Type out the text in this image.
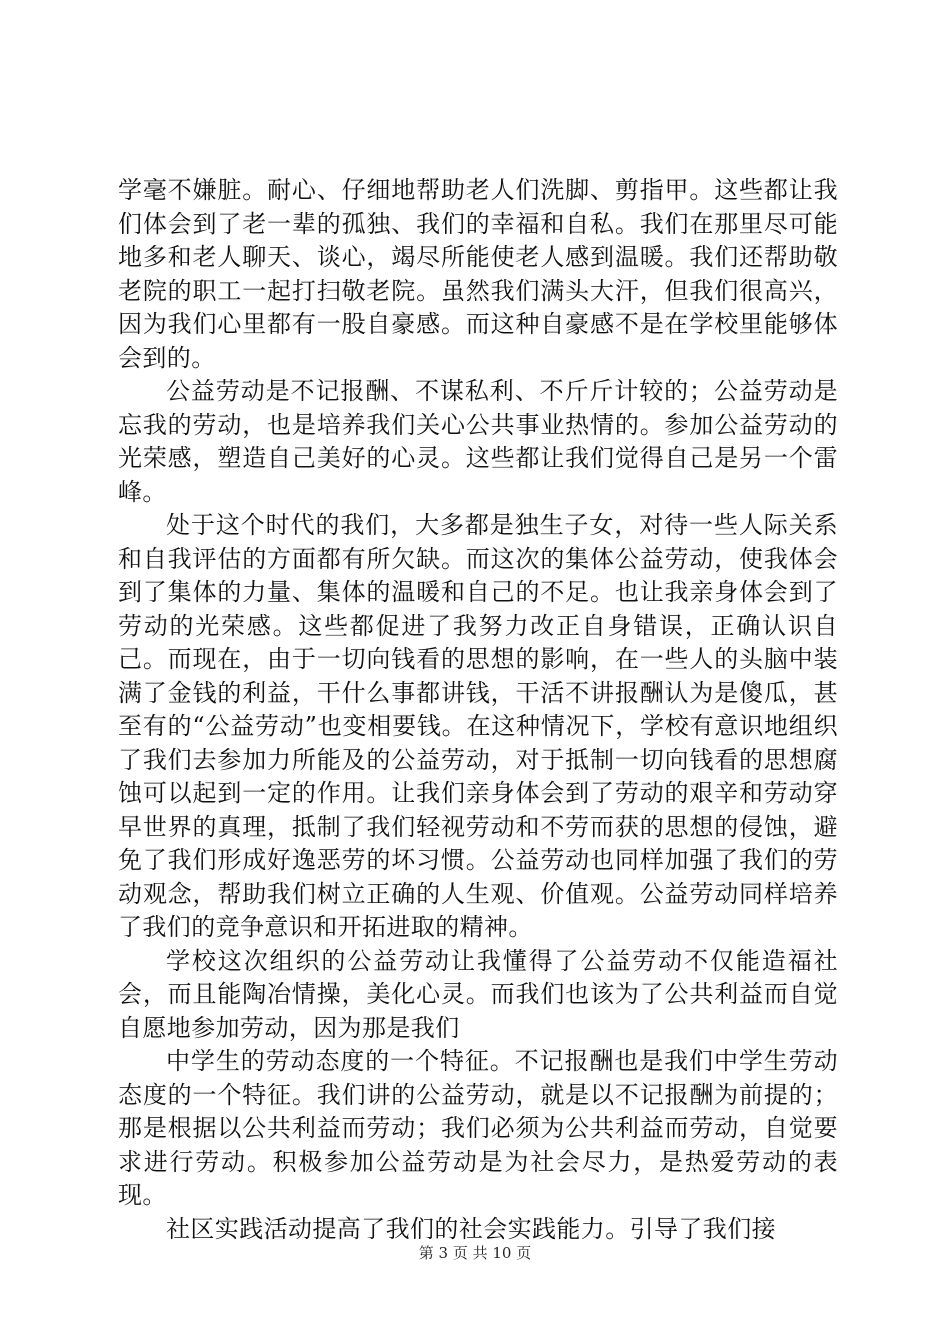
学毫不嫌脏。耐心、仔细地帮助老人们洗脚、剪指甲。这些都让我们体会到了老一辈的孤独、我们的幸福和自私。我们在那里尽可能地多和老人聊天、谈心，竭尽所能使老人感到温暖。我们还帮助敬老院的职工一起打扫敬老院。虽然我们满头大汗，但我们很高兴，因为我们心里都有一股自豪感。而这种自豪感不是在学校里能够体会到的。

公益劳动是不记报酬、不谋私利、不斤斤计较的；公益劳动是忘我的劳动，也是培养我们关心公共事业热情的。参加公益劳动的光荣感，塑造自己美好的心灵。这些都让我们觉得自己是另一个雷峰。

处于这个时代的我们，大多都是独生子女，对待一些人际关系和自我评估的方面都有所欠缺。而这次的集体公益劳动，使我体会到了集体的力量、集体的温暖和自己的不足。也让我亲身体会到了劳动的光荣感。这些都促进了我努力改正自身错误，正确认识自己。而现在，由于一切向钱看的思想的影响，在一些人的头脑中装满了金钱的利益，干什么事都讲钱，干活不讲报酬认为是傻瓜，甚至有的“公益劳动”也变相要钱。在这种情况下，学校有意识地组织了我们去参加力所能及的公益劳动，对于抵制一切向钱看的思想腐蚀可以起到一定的作用。让我们亲身体会到了劳动的艰辛和劳动穿早世界的真理，抵制了我们轻视劳动和不劳而获的思想的侵蚀，避免了我们形成好逸恶劳的坏习惯。公益劳动也同样加强了我们的劳动观念，帮助我们树立正确的人生观、价值观。公益劳动同样培养了我们的竞争意识和开拓进取的精神。

学校这次组织的公益劳动让我懂得了公益劳动不仅能造福社会，而且能陶冶情操，美化心灵。而我们也该为了公共利益而自觉自愿地参加劳动，因为那是我们

中学生的劳动态度的一个特征。不记报酬也是我们中学生劳动态度的一个特征。我们讲的公益劳动，就是以不记报酬为前提的；那是根据以公共利益而劳动；我们必须为公共利益而劳动，自觉要求进行劳动。积极参加公益劳动是为社会尽力，是热爱劳动的表现。

社区实践活动提高了我们的社会实践能力。引导了我们接

第 3 页 共 10 页
